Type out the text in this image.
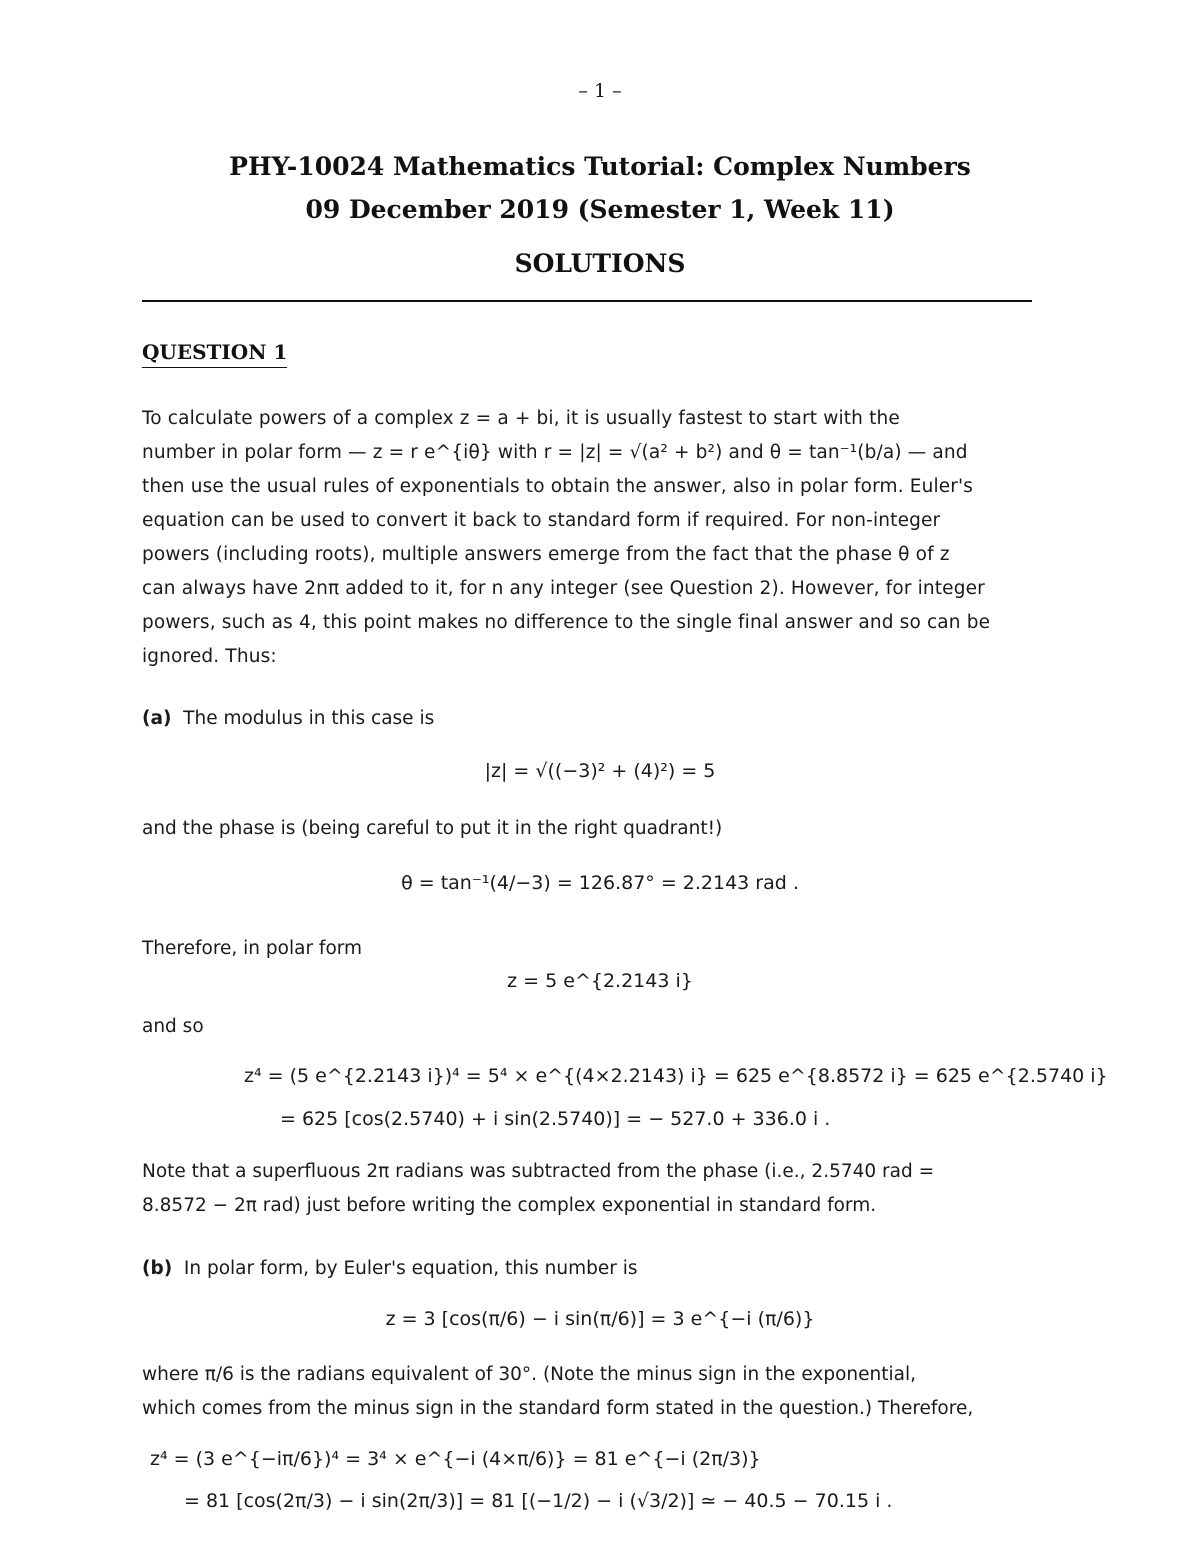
– 1 –
PHY-10024 Mathematics Tutorial: Complex Numbers
09 December 2019 (Semester 1, Week 11)
SOLUTIONS
QUESTION 1
To calculate powers of a complex z = a + bi, it is usually fastest to start with the
number in polar form — z = r e^{iθ} with r = |z| = √(a² + b²) and θ = tan⁻¹(b/a) — and
then use the usual rules of exponentials to obtain the answer, also in polar form. Euler's
equation can be used to convert it back to standard form if required. For non-integer
powers (including roots), multiple answers emerge from the fact that the phase θ of z
can always have 2nπ added to it, for n any integer (see Question 2). However, for integer
powers, such as 4, this point makes no difference to the single final answer and so can be
ignored. Thus:
(a) The modulus in this case is
|z| = √((−3)² + (4)²) = 5
and the phase is (being careful to put it in the right quadrant!)
θ = tan⁻¹(4/−3) = 126.87° = 2.2143 rad .
Therefore, in polar form
z = 5 e^{2.2143 i}
and so
z⁴ = (5 e^{2.2143 i})⁴ = 5⁴ × e^{(4×2.2143) i} = 625 e^{8.8572 i} = 625 e^{2.5740 i}
= 625 [cos(2.5740) + i sin(2.5740)] = − 527.0 + 336.0 i .
Note that a superfluous 2π radians was subtracted from the phase (i.e., 2.5740 rad =
8.8572 − 2π rad) just before writing the complex exponential in standard form.
(b) In polar form, by Euler's equation, this number is
z = 3 [cos(π/6) − i sin(π/6)] = 3 e^{−i (π/6)}
where π/6 is the radians equivalent of 30°. (Note the minus sign in the exponential,
which comes from the minus sign in the standard form stated in the question.) Therefore,
z⁴ = (3 e^{−iπ/6})⁴ = 3⁴ × e^{−i (4×π/6)} = 81 e^{−i (2π/3)}
= 81 [cos(2π/3) − i sin(2π/3)] = 81 [(−1/2) − i (√3/2)] ≃ − 40.5 − 70.15 i .
